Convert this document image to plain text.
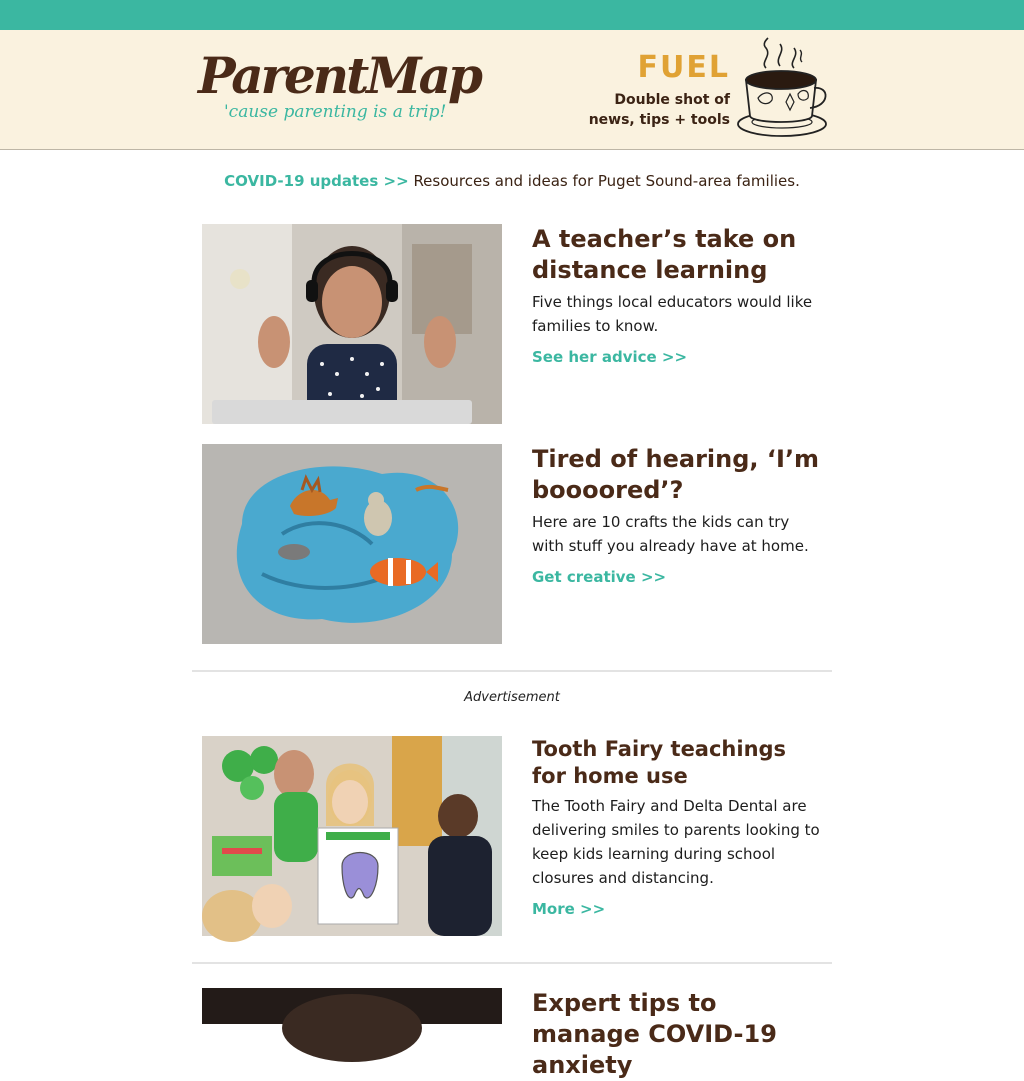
ParentMap
'cause parenting is a trip!
FUEL
Double shot of
news, tips + tools
COVID-19 updates >> Resources and ideas for Puget Sound-area families.
A teacher’s take on distance learning
Five things local educators would like families to know.
See her advice >>
Tired of hearing, ‘I’m boooored’?
Here are 10 crafts the kids can try with stuff you already have at home.
Get creative >>
Advertisement
Tooth Fairy teachings for home use
The Tooth Fairy and Delta Dental are delivering smiles to parents looking to keep kids learning during school closures and distancing.
More >>
Expert tips to manage COVID-19 anxiety
